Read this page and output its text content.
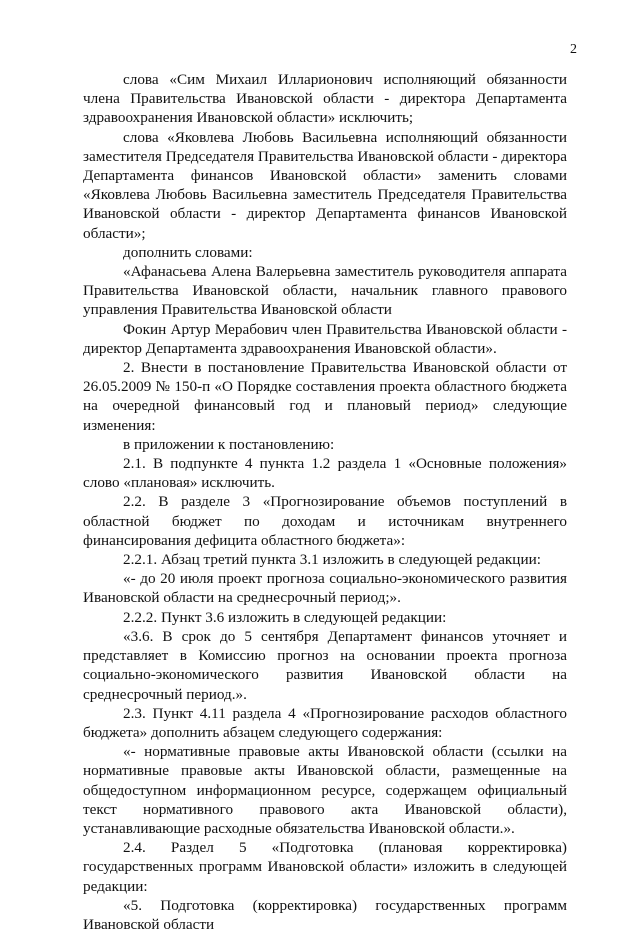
2

слова «Сим Михаил Илларионович исполняющий обязанности члена Правительства Ивановской области - директора Департамента здравоохранения Ивановской области» исключить;

слова «Яковлева Любовь Васильевна исполняющий обязанности заместителя Председателя Правительства Ивановской области - директора Департамента финансов Ивановской области» заменить словами «Яковлева Любовь Васильевна заместитель Председателя Правительства Ивановской области - директор Департамента финансов Ивановской области»;

дополнить словами:

«Афанасьева Алена Валерьевна заместитель руководителя аппарата Правительства Ивановской области, начальник главного правового управления Правительства Ивановской области

Фокин Артур Мерабович член Правительства Ивановской области - директор Департамента здравоохранения Ивановской области».

2. Внести в постановление Правительства Ивановской области от 26.05.2009 № 150-п «О Порядке составления проекта областного бюджета на очередной финансовый год и плановый период» следующие изменения:

в приложении к постановлению:

2.1. В подпункте 4 пункта 1.2 раздела 1 «Основные положения» слово «плановая» исключить.

2.2. В разделе 3 «Прогнозирование объемов поступлений в областной бюджет по доходам и источникам внутреннего финансирования дефицита областного бюджета»:

2.2.1. Абзац третий пункта 3.1 изложить в следующей редакции:

«- до 20 июля проект прогноза социально-экономического развития Ивановской области на среднесрочный период;».

2.2.2. Пункт 3.6 изложить в следующей редакции:

«3.6. В срок до 5 сентября Департамент финансов уточняет и представляет в Комиссию прогноз на основании проекта прогноза социально-экономического развития Ивановской области на среднесрочный период.».

2.3. Пункт 4.11 раздела 4 «Прогнозирование расходов областного бюджета» дополнить абзацем следующего содержания:

«- нормативные правовые акты Ивановской области (ссылки на нормативные правовые акты Ивановской области, размещенные на общедоступном информационном ресурсе, содержащем официальный текст нормативного правового акта Ивановской области), устанавливающие расходные обязательства Ивановской области.».

2.4. Раздел 5 «Подготовка (плановая корректировка) государственных программ Ивановской области» изложить в следующей редакции:

«5. Подготовка (корректировка) государственных программ Ивановской области
